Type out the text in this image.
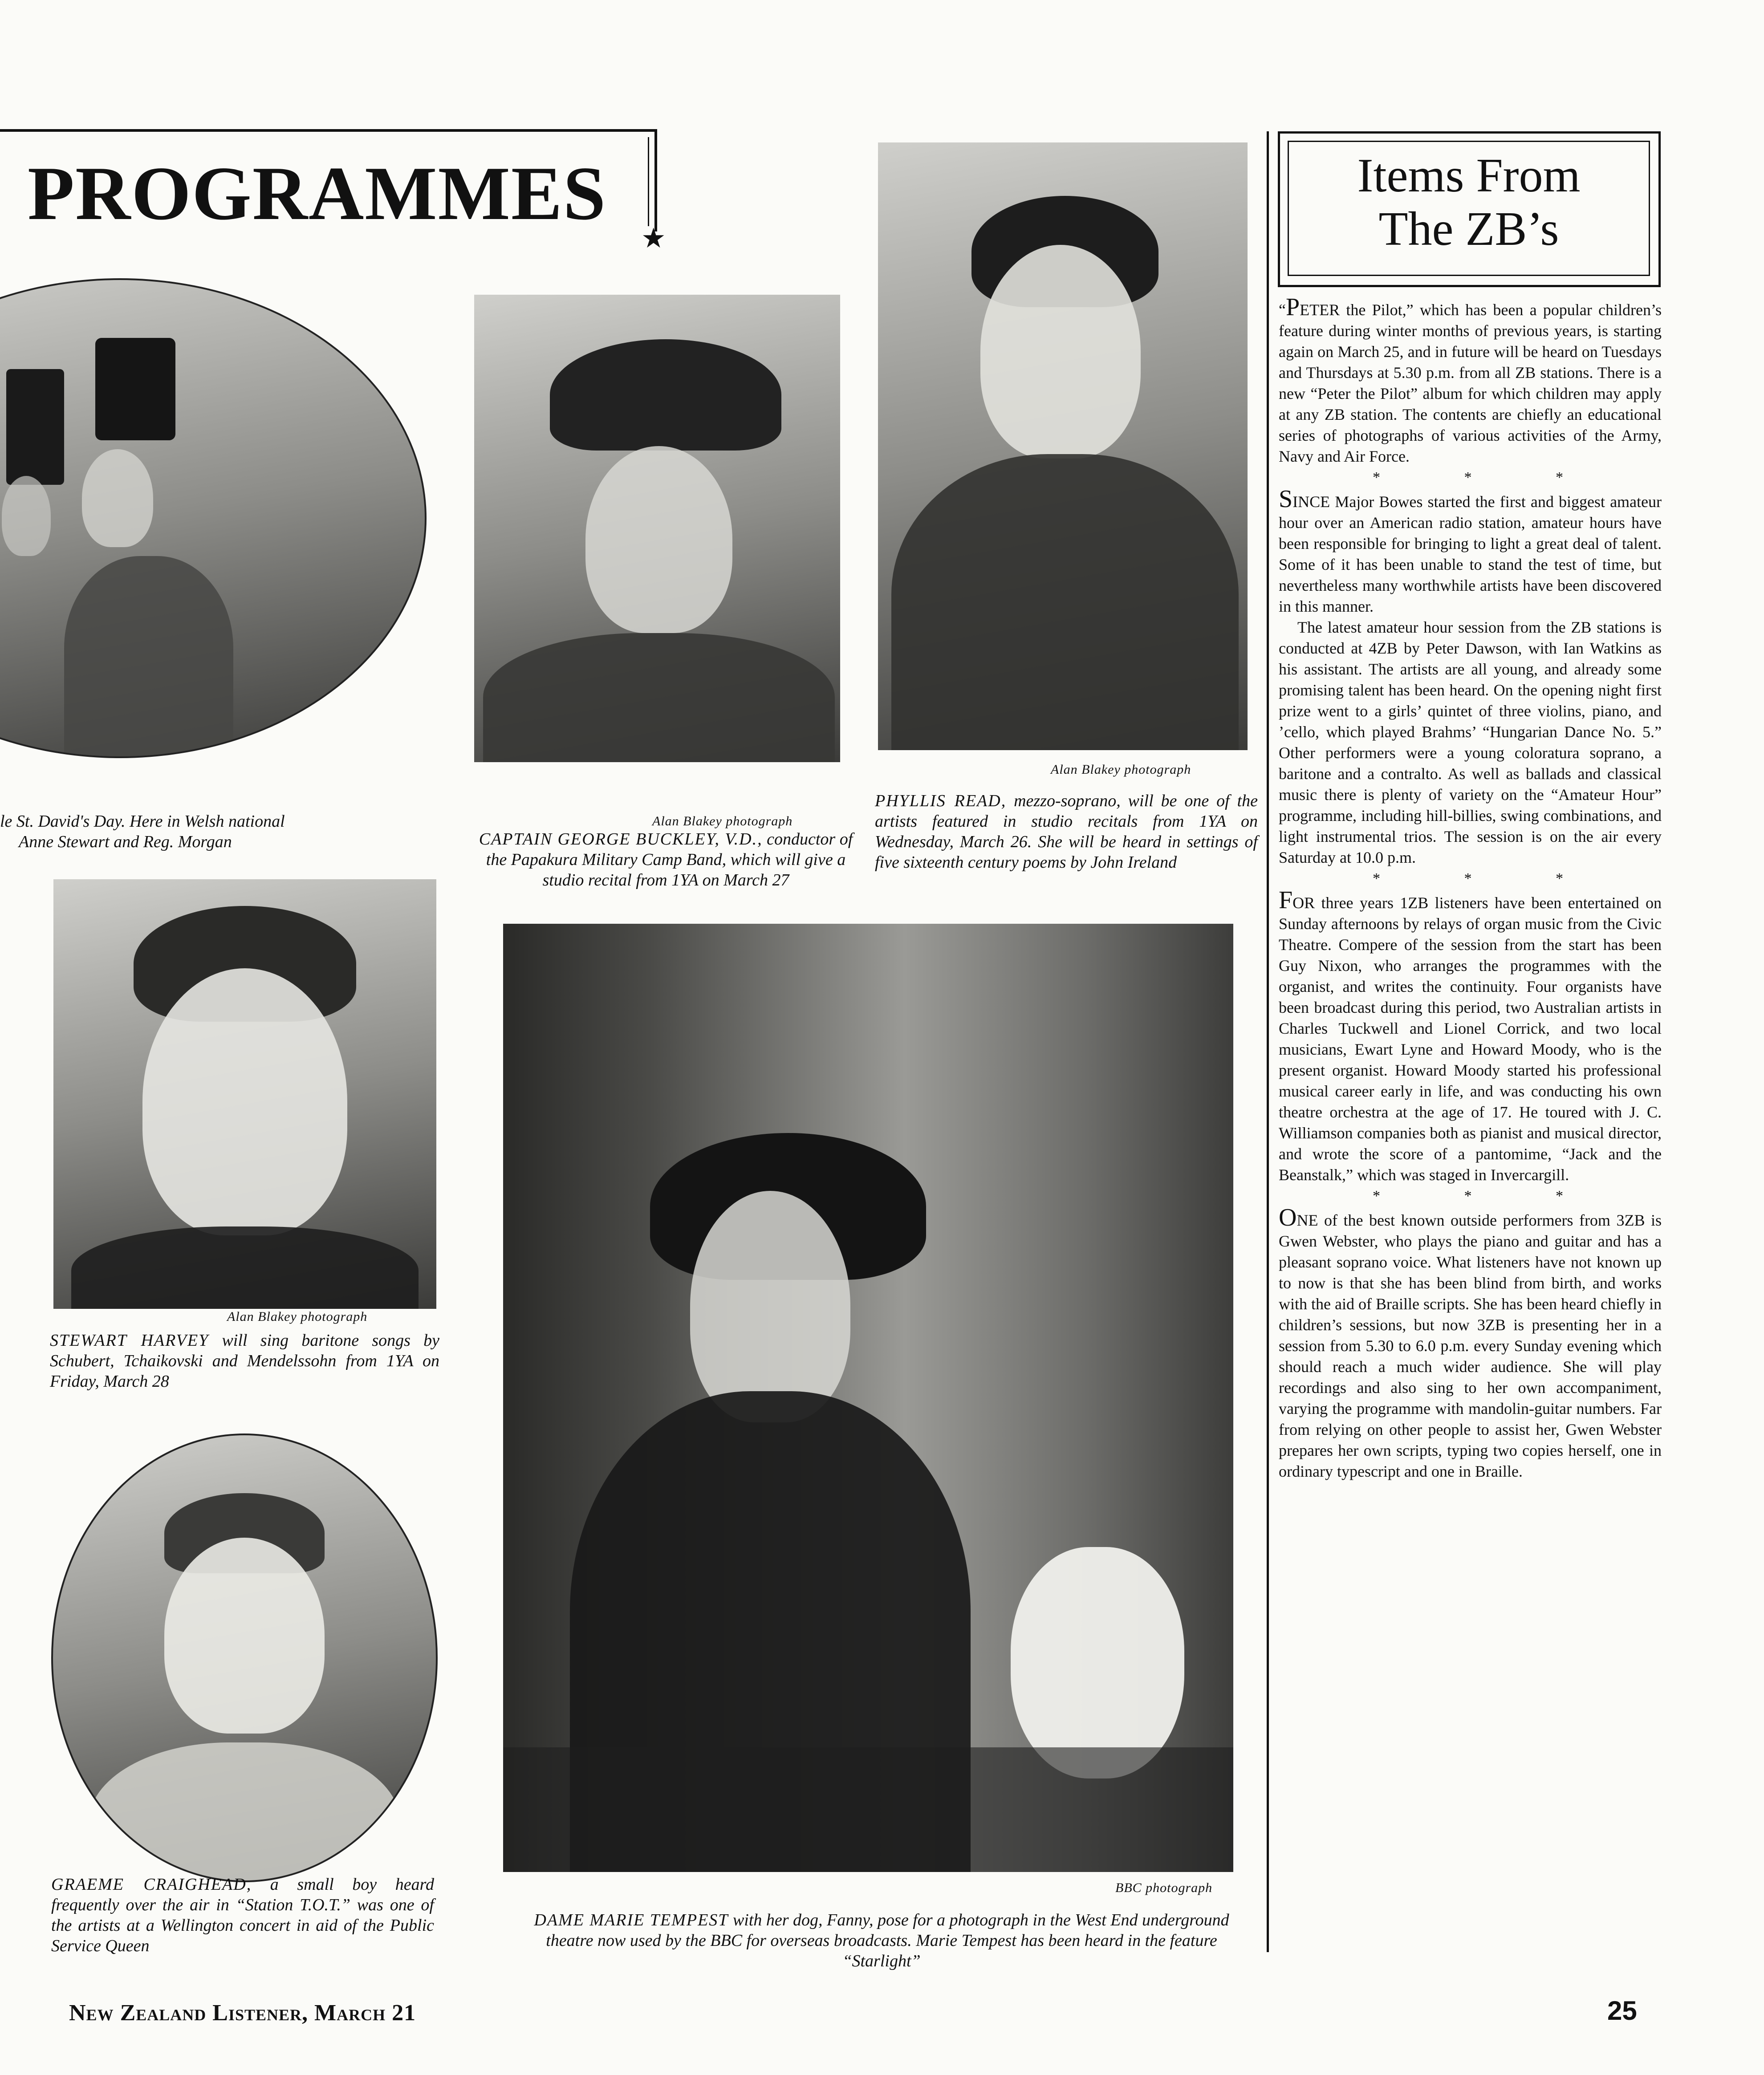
PROGRAMMES
★
le St. David's Day. Here in Welsh national
Anne Stewart and Reg. Morgan
Alan Blakey photograph
CAPTAIN GEORGE BUCKLEY, V.D., conductor of the Papakura Military Camp Band, which will give a studio recital from 1YA on March 27
Alan Blakey photograph
PHYLLIS READ, mezzo-soprano, will be one of the artists featured in studio recitals from 1YA on Wednesday, March 26. She will be heard in settings of five sixteenth century poems by John Ireland
Alan Blakey photograph
STEWART HARVEY will sing baritone songs by Schubert, Tchaikovski and Mendelssohn from 1YA on Friday, March 28
GRAEME CRAIGHEAD, a small boy heard frequently over the air in “Station T.O.T.” was one of the artists at a Wellington concert in aid of the Public Service Queen
BBC photograph
DAME MARIE TEMPEST with her dog, Fanny, pose for a photograph in the West End underground theatre now used by the BBC for overseas broadcasts. Marie Tempest has been heard in the feature “Starlight”
Items From
The ZB’s

“PETER the Pilot,” which has been a popular children’s feature during winter months of previous years, is starting again on March 25, and in future will be heard on Tuesdays and Thursdays at 5.30 p.m. from all ZB stations. There is a new “Peter the Pilot” album for which children may apply at any ZB station. The contents are chiefly an educational series of photographs of various activities of the Army, Navy and Air Force.

* * *

SINCE Major Bowes started the first and biggest amateur hour over an American radio station, amateur hours have been responsible for bringing to light a great deal of talent. Some of it has been unable to stand the test of time, but nevertheless many worthwhile artists have been discovered in this manner.

The latest amateur hour session from the ZB stations is conducted at 4ZB by Peter Dawson, with Ian Watkins as his assistant. The artists are all young, and already some promising talent has been heard. On the opening night first prize went to a girls’ quintet of three violins, piano, and ’cello, which played Brahms’ “Hungarian Dance No. 5.” Other performers were a young coloratura soprano, a baritone and a contralto. As well as ballads and classical music there is plenty of variety on the “Amateur Hour” programme, including hill-billies, swing combinations, and light instrumental trios. The session is on the air every Saturday at 10.0 p.m.

* * *

FOR three years 1ZB listeners have been entertained on Sunday afternoons by relays of organ music from the Civic Theatre. Compere of the session from the start has been Guy Nixon, who arranges the programmes with the organist, and writes the continuity. Four organists have been broadcast during this period, two Australian artists in Charles Tuckwell and Lionel Corrick, and two local musicians, Ewart Lyne and Howard Moody, who is the present organist. Howard Moody started his professional musical career early in life, and was conducting his own theatre orchestra at the age of 17. He toured with J. C. Williamson companies both as pianist and musical director, and wrote the score of a pantomime, “Jack and the Beanstalk,” which was staged in Invercargill.

* * *

ONE of the best known outside performers from 3ZB is Gwen Webster, who plays the piano and guitar and has a pleasant soprano voice. What listeners have not known up to now is that she has been blind from birth, and works with the aid of Braille scripts. She has been heard chiefly in children’s sessions, but now 3ZB is presenting her in a session from 5.30 to 6.0 p.m. every Sunday evening which should reach a much wider audience. She will play recordings and also sing to her own accompaniment, varying the programme with mandolin-guitar numbers. Far from relying on other people to assist her, Gwen Webster prepares her own scripts, typing two copies herself, one in ordinary typescript and one in Braille.

New Zealand Listener, March 21	25
